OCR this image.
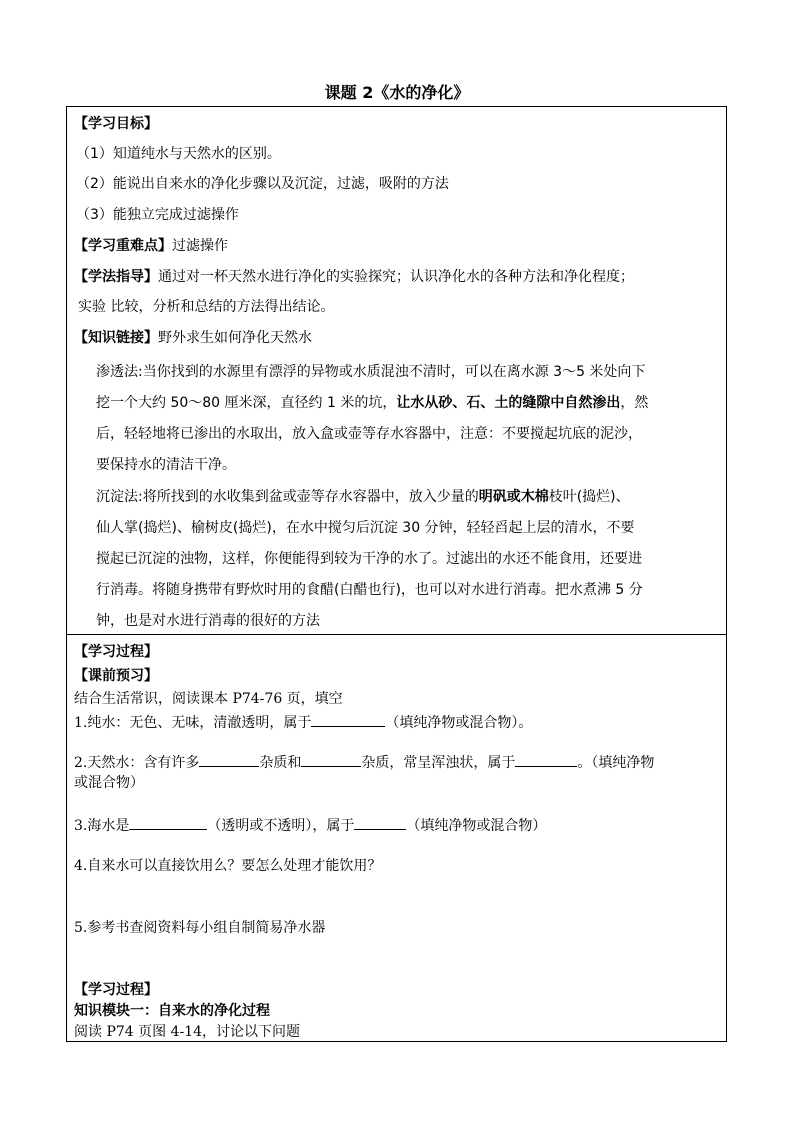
课题 2《水的净化》
【学习目标】
（1）知道纯水与天然水的区别。
（2）能说出自来水的净化步骤以及沉淀，过滤，吸附的方法
（3）能独立完成过滤操作
【学习重难点】过滤操作
【学法指导】通过对一杯天然水进行净化的实验探究；认识净化水的各种方法和净化程度；
实验 比较，分析和总结的方法得出结论。
【知识链接】野外求生如何净化天然水
渗透法:当你找到的水源里有漂浮的异物或水质混浊不清时，可以在离水源 3～5 米处向下
挖一个大约 50～80 厘米深，直径约 1 米的坑，让水从砂、石、土的缝隙中自然渗出，然
后，轻轻地将已渗出的水取出，放入盒或壶等存水容器中，注意：不要搅起坑底的泥沙，
要保持水的清洁干净。
沉淀法:将所找到的水收集到盆或壶等存水容器中，放入少量的明矾或木棉枝叶(捣烂)、
仙人掌(捣烂)、榆树皮(捣烂)，在水中搅匀后沉淀 30 分钟，轻轻舀起上层的清水，不要
搅起已沉淀的浊物，这样，你便能得到较为干净的水了。过滤出的水还不能食用，还要进
行消毒。将随身携带有野炊时用的食醋(白醋也行)，也可以对水进行消毒。把水煮沸 5 分
钟，也是对水进行消毒的很好的方法
【学习过程】
【课前预习】
结合生活常识，阅读课本 P74-76 页，填空
1.纯水：无色、无味，清澈透明，属于	（填纯净物或混合物）。
2.天然水：含有许多	杂质和	杂质，常呈浑浊状，属于	。（填纯净物
或混合物）
3.海水是	（透明或不透明），属于	（填纯净物或混合物）
4.自来水可以直接饮用么？要怎么处理才能饮用？
5.参考书查阅资料每小组自制简易净水器
【学习过程】
知识模块一：自来水的净化过程
阅读 P74 页图 4-14，讨论以下问题
